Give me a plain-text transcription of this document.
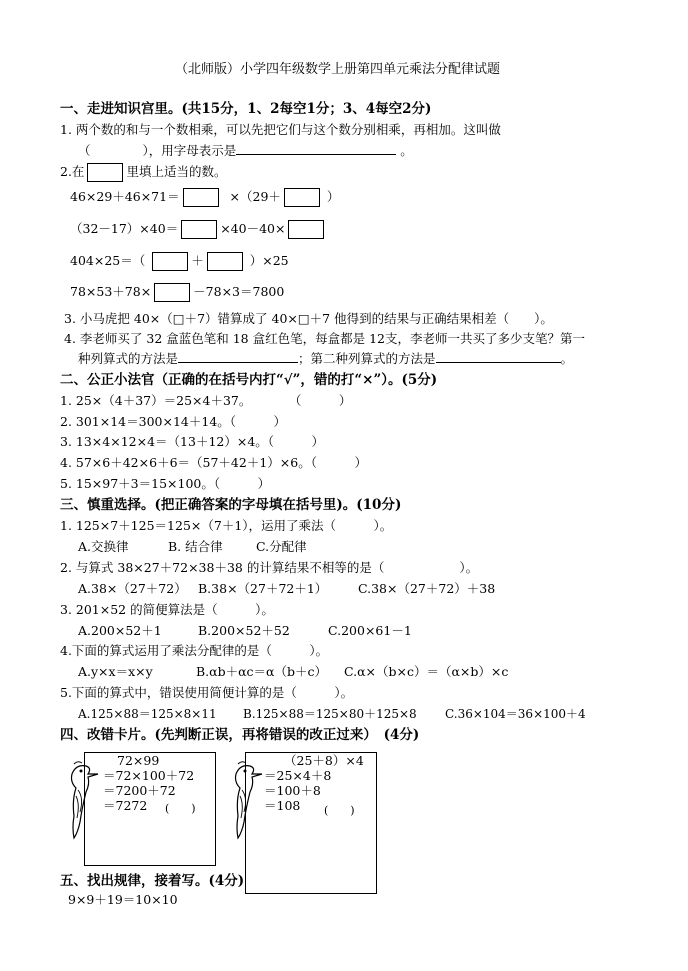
（北师版）小学四年级数学上册第四单元乘法分配律试题
一、走进知识宫里。(共15分，1、2每空1分；3、4每空2分)
1. 两个数的和与一个数相乘，可以先把它们与这个数分别相乘，再相加。这叫做
（	），用字母表示是	。
2.在	里填上适当的数。
46×29＋46×71＝	×（29＋	）
（32－17）×40＝	×40－40×
404×25＝（	＋	）×25
78×53＋78×	－78×3＝7800
3. 小马虎把 40×（□＋7）错算成了 40×□＋7 他得到的结果与正确结果相差（　　）。
4. 李老师买了 32 盒蓝色笔和 18 盒红色笔，每盒都是 12支，李老师一共买了多少支笔？第一
种列算式的方法是	；第二种列算式的方法是	。
二、公正小法官（正确的在括号内打“√”，错的打“×”）。(5分)
1. 25×（4＋37）＝25×4＋37。　　　　（　　　）
2. 301×14＝300×14＋14。（　　　）
3. 13×4×12×4＝（13＋12）×4。（　　　）
4. 57×6＋42×6＋6＝（57＋42＋1）×6。（　　　）
5. 15×97＋3＝15×100。（　　　）
三、慎重选择。(把正确答案的字母填在括号里)。(10分)
1. 125×7＋125＝125×（7＋1），运用了乘法（　　　）。
A.交换律	B. 结合律	C.分配律
2. 与算式 38×27＋72×38＋38 的计算结果不相等的是（　　　　　　）。
A.38×（27＋72） B.38×（27＋72＋1） C.38×（27＋72）＋38
3. 201×52 的简便算法是（　　　）。
A.200×52＋1	B.200×52＋52	C.200×61－1
4.下面的算式运用了乘法分配律的是（　　　）。
A.y×x＝x×y	B.αb＋αc＝α（b＋c） C.α×（b×c）＝（α×b）×c
5.下面的算式中，错误使用简便计算的是（　　　）。
A.125×88＝125×8×11 B.125×88＝125×80＋125×8 C.36×104＝36×100＋4
四、改错卡片。(先判断正误，再将错误的改正过来）　(4分)
72×99
＝72×100＋72
＝7200＋72
＝7272 (　　)
（25＋8）×4
＝25×4＋8
＝100＋8
＝108 (　　)
五、找出规律，接着写。(4分)
9×9＋19＝10×10
